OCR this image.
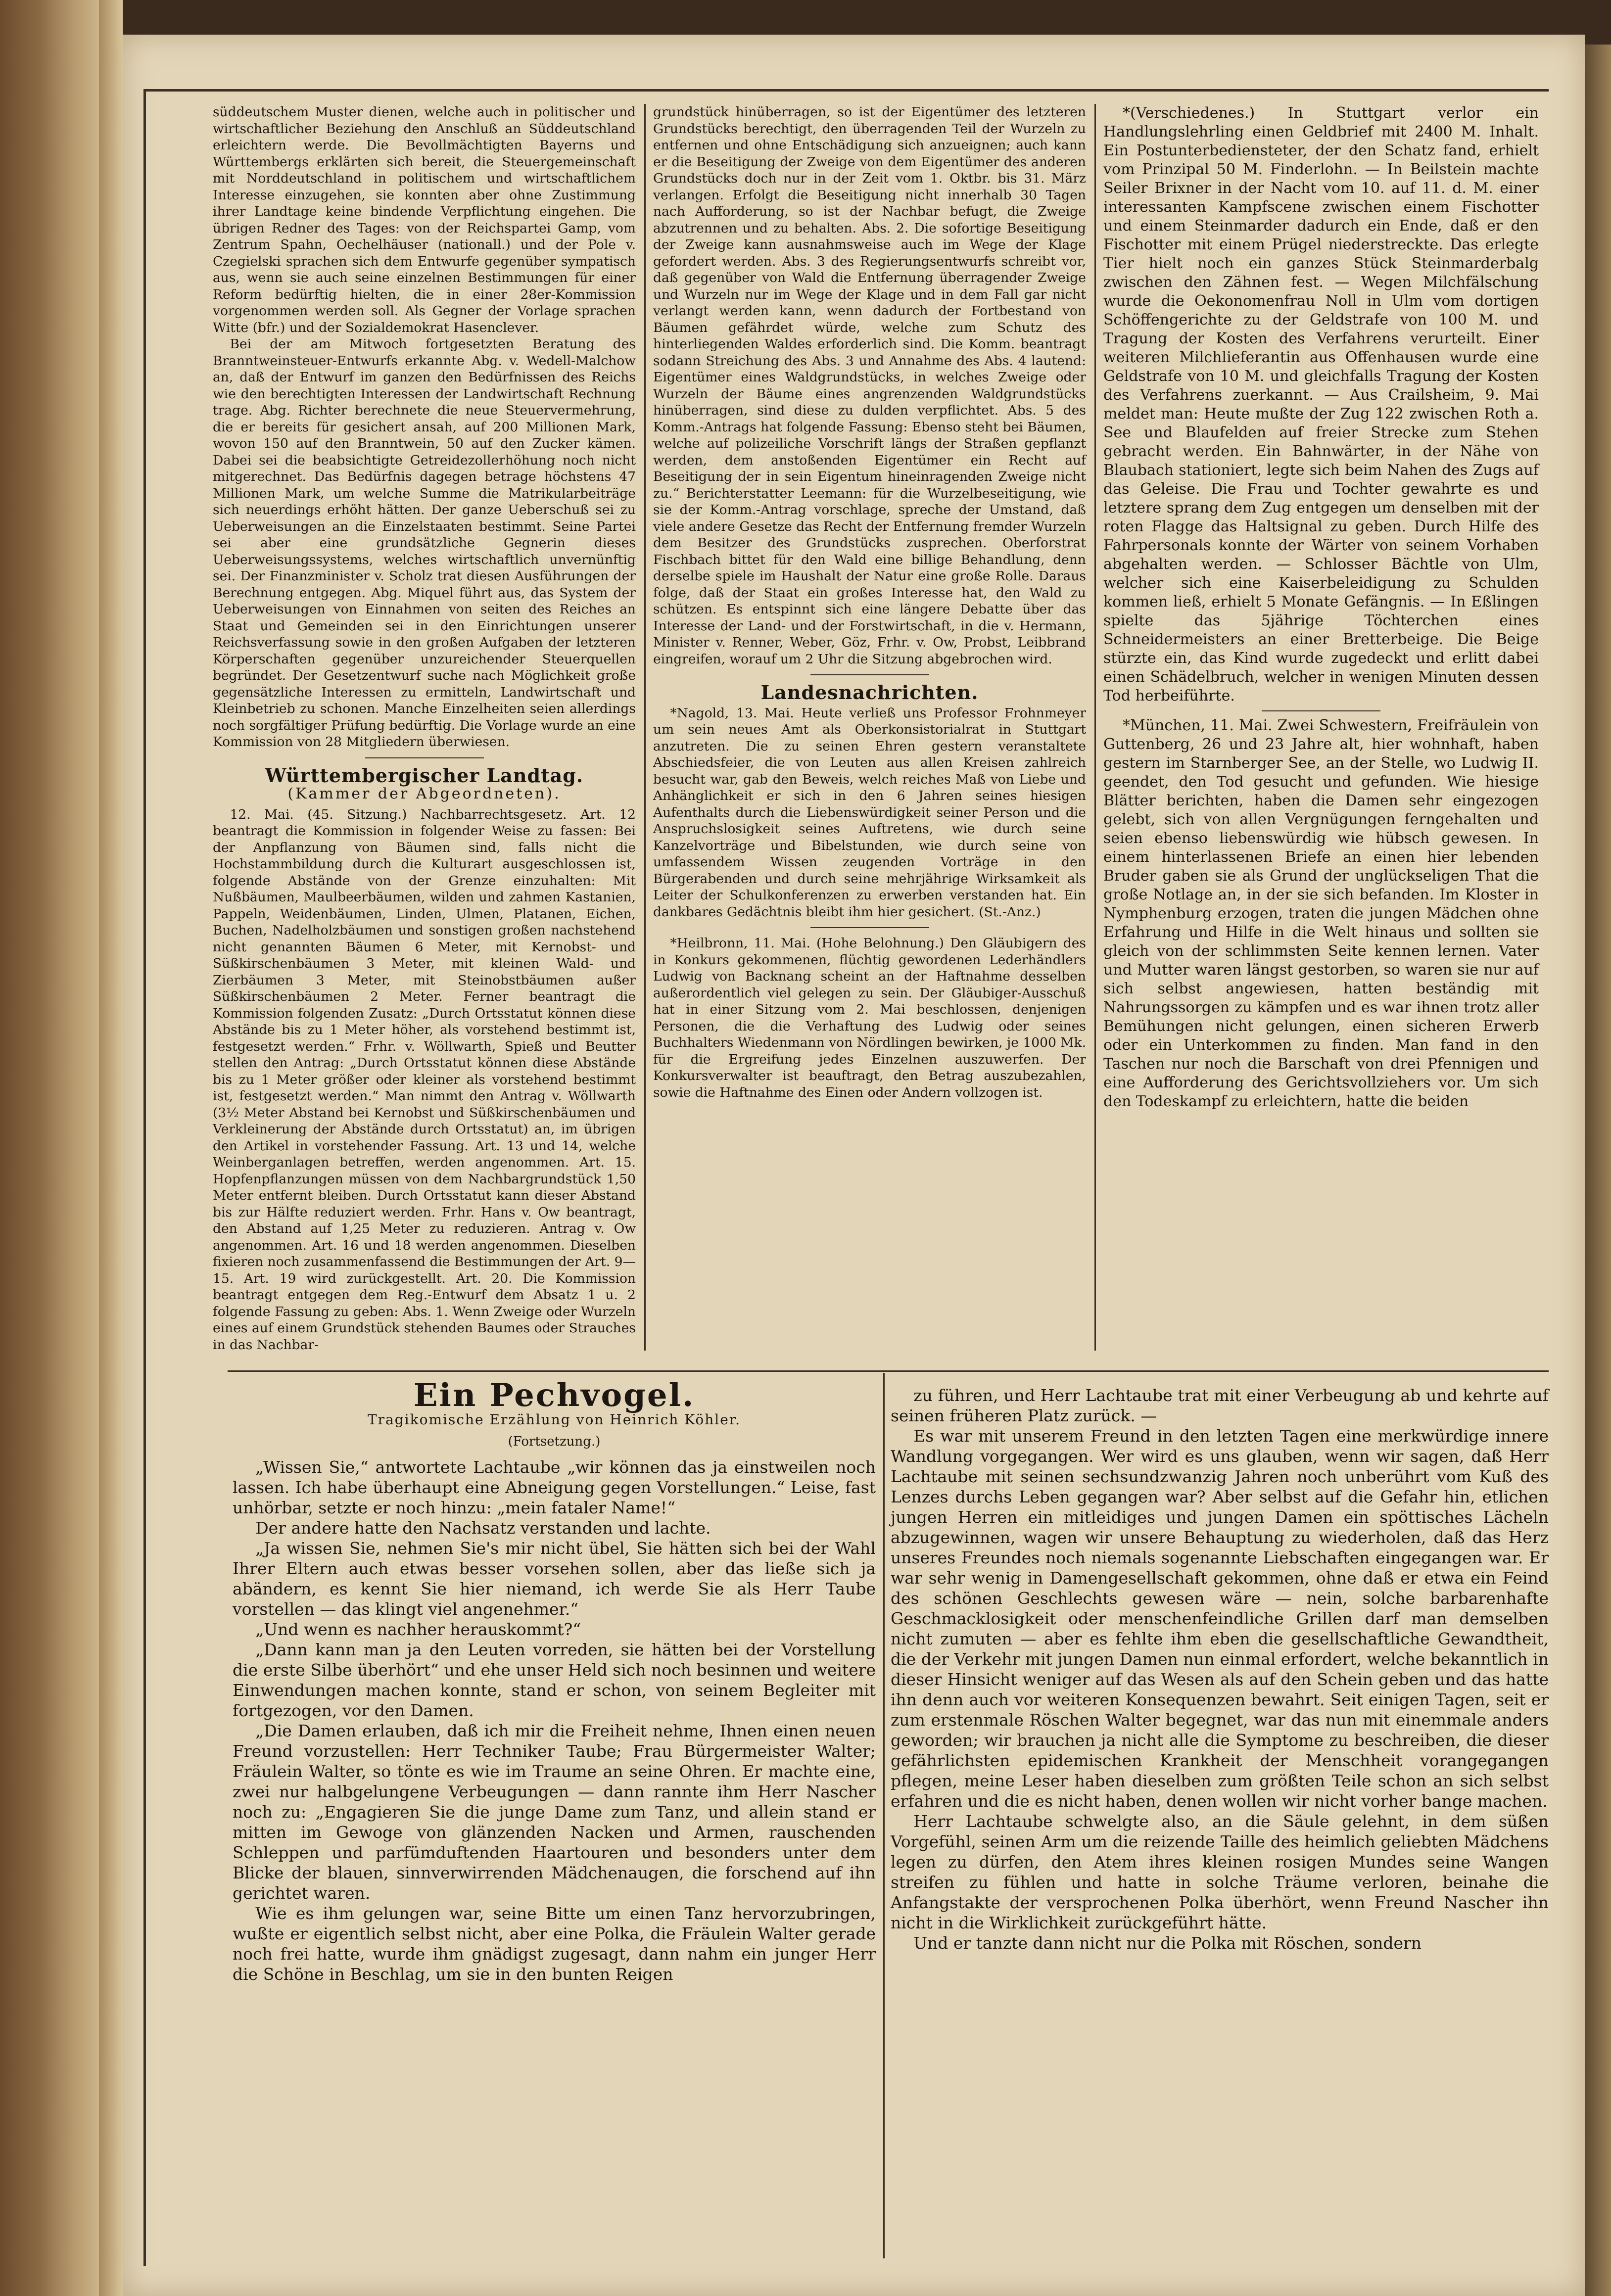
süddeutschem Muster dienen, welche auch in politischer und wirtschaftlicher Beziehung den Anschluß an Süddeutschland erleichtern werde. Die Bevollmächtigten Bayerns und Württembergs erklärten sich bereit, die Steuergemeinschaft mit Norddeutschland in politischem und wirtschaftlichem Interesse einzugehen, sie konnten aber ohne Zustimmung ihrer Landtage keine bindende Verpflichtung eingehen. Die übrigen Redner des Tages: von der Reichspartei Gamp, vom Zentrum Spahn, Oechelhäuser (nationall.) und der Pole v. Czegielski sprachen sich dem Entwurfe gegenüber sympatisch aus, wenn sie auch seine einzelnen Bestimmungen für einer Reform bedürftig hielten, die in einer 28er-Kommission vorgenommen werden soll. Als Gegner der Vorlage sprachen Witte (bfr.) und der Sozialdemokrat Hasenclever.

Bei der am Mitwoch fortgesetzten Beratung des Branntweinsteuer-Entwurfs erkannte Abg. v. Wedell-Malchow an, daß der Entwurf im ganzen den Bedürfnissen des Reichs wie den berechtigten Interessen der Landwirtschaft Rechnung trage. Abg. Richter berechnete die neue Steuervermehrung, die er bereits für gesichert ansah, auf 200 Millionen Mark, wovon 150 auf den Branntwein, 50 auf den Zucker kämen. Dabei sei die beabsichtigte Getreidezollerhöhung noch nicht mitgerechnet. Das Bedürfnis dagegen betrage höchstens 47 Millionen Mark, um welche Summe die Matrikularbeiträge sich neuerdings erhöht hätten. Der ganze Ueberschuß sei zu Ueberweisungen an die Einzelstaaten bestimmt. Seine Partei sei aber eine grundsätzliche Gegnerin dieses Ueberweisungssystems, welches wirtschaftlich unvernünftig sei. Der Finanzminister v. Scholz trat diesen Ausführungen der Berechnung entgegen. Abg. Miquel führt aus, das System der Ueberweisungen von Einnahmen von seiten des Reiches an Staat und Gemeinden sei in den Einrichtungen unserer Reichsverfassung sowie in den großen Aufgaben der letzteren Körperschaften gegenüber unzureichender Steuerquellen begründet. Der Gesetzentwurf suche nach Möglichkeit große gegensätzliche Interessen zu ermitteln, Landwirtschaft und Kleinbetrieb zu schonen. Manche Einzelheiten seien allerdings noch sorgfältiger Prüfung bedürftig. Die Vorlage wurde an eine Kommission von 28 Mitgliedern überwiesen.

Württembergischer Landtag.
(Kammer der Abgeordneten).

12. Mai. (45. Sitzung.) Nachbarrechtsgesetz. Art. 12 beantragt die Kommission in folgender Weise zu fassen: Bei der Anpflanzung von Bäumen sind, falls nicht die Hochstammbildung durch die Kulturart ausgeschlossen ist, folgende Abstände von der Grenze einzuhalten: Mit Nußbäumen, Maulbeerbäumen, wilden und zahmen Kastanien, Pappeln, Weidenbäumen, Linden, Ulmen, Platanen, Eichen, Buchen, Nadelholzbäumen und sonstigen großen nachstehend nicht genannten Bäumen 6 Meter, mit Kernobst- und Süßkirschenbäumen 3 Meter, mit kleinen Wald- und Zierbäumen 3 Meter, mit Steinobstbäumen außer Süßkirschenbäumen 2 Meter. Ferner beantragt die Kommission folgenden Zusatz: „Durch Ortsstatut können diese Abstände bis zu 1 Meter höher, als vorstehend bestimmt ist, festgesetzt werden.“ Frhr. v. Wöllwarth, Spieß und Beutter stellen den Antrag: „Durch Ortsstatut können diese Abstände bis zu 1 Meter größer oder kleiner als vorstehend bestimmt ist, festgesetzt werden.“ Man nimmt den Antrag v. Wöllwarth (3½ Meter Abstand bei Kernobst und Süßkirschenbäumen und Verkleinerung der Abstände durch Ortsstatut) an, im übrigen den Artikel in vorstehender Fassung. Art. 13 und 14, welche Weinberganlagen betreffen, werden angenommen. Art. 15. Hopfenpflanzungen müssen von dem Nachbargrundstück 1,50 Meter entfernt bleiben. Durch Ortsstatut kann dieser Abstand bis zur Hälfte reduziert werden. Frhr. Hans v. Ow beantragt, den Abstand auf 1,25 Meter zu reduzieren. Antrag v. Ow angenommen. Art. 16 und 18 werden angenommen. Dieselben fixieren noch zusammenfassend die Bestimmungen der Art. 9—15. Art. 19 wird zurückgestellt. Art. 20. Die Kommission beantragt entgegen dem Reg.-Entwurf dem Absatz 1 u. 2 folgende Fassung zu geben: Abs. 1. Wenn Zweige oder Wurzeln eines auf einem Grundstück stehenden Baumes oder Strauches in das Nachbar-

grundstück hinüberragen, so ist der Eigentümer des letzteren Grundstücks berechtigt, den überragenden Teil der Wurzeln zu entfernen und ohne Entschädigung sich anzueignen; auch kann er die Beseitigung der Zweige von dem Eigentümer des anderen Grundstücks doch nur in der Zeit vom 1. Oktbr. bis 31. März verlangen. Erfolgt die Beseitigung nicht innerhalb 30 Tagen nach Aufforderung, so ist der Nachbar befugt, die Zweige abzutrennen und zu behalten. Abs. 2. Die sofortige Beseitigung der Zweige kann ausnahmsweise auch im Wege der Klage gefordert werden. Abs. 3 des Regierungsentwurfs schreibt vor, daß gegenüber von Wald die Entfernung überragender Zweige und Wurzeln nur im Wege der Klage und in dem Fall gar nicht verlangt werden kann, wenn dadurch der Fortbestand von Bäumen gefährdet würde, welche zum Schutz des hinterliegenden Waldes erforderlich sind. Die Komm. beantragt sodann Streichung des Abs. 3 und Annahme des Abs. 4 lautend: Eigentümer eines Waldgrundstücks, in welches Zweige oder Wurzeln der Bäume eines angrenzenden Waldgrundstücks hinüberragen, sind diese zu dulden verpflichtet. Abs. 5 des Komm.-Antrags hat folgende Fassung: Ebenso steht bei Bäumen, welche auf polizeiliche Vorschrift längs der Straßen gepflanzt werden, dem anstoßenden Eigentümer ein Recht auf Beseitigung der in sein Eigentum hineinragenden Zweige nicht zu.“ Berichterstatter Leemann: für die Wurzelbeseitigung, wie sie der Komm.-Antrag vorschlage, spreche der Umstand, daß viele andere Gesetze das Recht der Entfernung fremder Wurzeln dem Besitzer des Grundstücks zusprechen. Oberforstrat Fischbach bittet für den Wald eine billige Behandlung, denn derselbe spiele im Haushalt der Natur eine große Rolle. Daraus folge, daß der Staat ein großes Interesse hat, den Wald zu schützen. Es entspinnt sich eine längere Debatte über das Interesse der Land- und der Forstwirtschaft, in die v. Hermann, Minister v. Renner, Weber, Göz, Frhr. v. Ow, Probst, Leibbrand eingreifen, worauf um 2 Uhr die Sitzung abgebrochen wird.

Landesnachrichten.

*Nagold, 13. Mai. Heute verließ uns Professor Frohnmeyer um sein neues Amt als Oberkonsistorialrat in Stuttgart anzutreten. Die zu seinen Ehren gestern veranstaltete Abschiedsfeier, die von Leuten aus allen Kreisen zahlreich besucht war, gab den Beweis, welch reiches Maß von Liebe und Anhänglichkeit er sich in den 6 Jahren seines hiesigen Aufenthalts durch die Liebenswürdigkeit seiner Person und die Anspruchslosigkeit seines Auftretens, wie durch seine Kanzelvorträge und Bibelstunden, wie durch seine von umfassendem Wissen zeugenden Vorträge in den Bürgerabenden und durch seine mehrjährige Wirksamkeit als Leiter der Schulkonferenzen zu erwerben verstanden hat. Ein dankbares Gedächtnis bleibt ihm hier gesichert. (St.-Anz.)

*Heilbronn, 11. Mai. (Hohe Belohnung.) Den Gläubigern des in Konkurs gekommenen, flüchtig gewordenen Lederhändlers Ludwig von Backnang scheint an der Haftnahme desselben außerordentlich viel gelegen zu sein. Der Gläubiger-Ausschuß hat in einer Sitzung vom 2. Mai beschlossen, denjenigen Personen, die die Verhaftung des Ludwig oder seines Buchhalters Wiedenmann von Nördlingen bewirken, je 1000 Mk. für die Ergreifung jedes Einzelnen auszuwerfen. Der Konkursverwalter ist beauftragt, den Betrag auszubezahlen, sowie die Haftnahme des Einen oder Andern vollzogen ist.

*(Verschiedenes.) In Stuttgart verlor ein Handlungslehrling einen Geldbrief mit 2400 M. Inhalt. Ein Postunterbediensteter, der den Schatz fand, erhielt vom Prinzipal 50 M. Finderlohn. — In Beilstein machte Seiler Brixner in der Nacht vom 10. auf 11. d. M. einer interessanten Kampfscene zwischen einem Fischotter und einem Steinmarder dadurch ein Ende, daß er den Fischotter mit einem Prügel niederstreckte. Das erlegte Tier hielt noch ein ganzes Stück Steinmarderbalg zwischen den Zähnen fest. — Wegen Milchfälschung wurde die Oekonomenfrau Noll in Ulm vom dortigen Schöffengerichte zu der Geldstrafe von 100 M. und Tragung der Kosten des Verfahrens verurteilt. Einer weiteren Milchlieferantin aus Offenhausen wurde eine Geldstrafe von 10 M. und gleichfalls Tragung der Kosten des Verfahrens zuerkannt. — Aus Crailsheim, 9. Mai meldet man: Heute mußte der Zug 122 zwischen Roth a. See und Blaufelden auf freier Strecke zum Stehen gebracht werden. Ein Bahnwärter, in der Nähe von Blaubach stationiert, legte sich beim Nahen des Zugs auf das Geleise. Die Frau und Tochter gewahrte es und letztere sprang dem Zug entgegen um denselben mit der roten Flagge das Haltsignal zu geben. Durch Hilfe des Fahrpersonals konnte der Wärter von seinem Vorhaben abgehalten werden. — Schlosser Bächtle von Ulm, welcher sich eine Kaiserbeleidigung zu Schulden kommen ließ, erhielt 5 Monate Gefängnis. — In Eßlingen spielte das 5jährige Töchterchen eines Schneidermeisters an einer Bretterbeige. Die Beige stürzte ein, das Kind wurde zugedeckt und erlitt dabei einen Schädelbruch, welcher in wenigen Minuten dessen Tod herbeiführte.

*München, 11. Mai. Zwei Schwestern, Freifräulein von Guttenberg, 26 und 23 Jahre alt, hier wohnhaft, haben gestern im Starnberger See, an der Stelle, wo Ludwig II. geendet, den Tod gesucht und gefunden. Wie hiesige Blätter berichten, haben die Damen sehr eingezogen gelebt, sich von allen Vergnügungen ferngehalten und seien ebenso liebenswürdig wie hübsch gewesen. In einem hinterlassenen Briefe an einen hier lebenden Bruder gaben sie als Grund der unglückseligen That die große Notlage an, in der sie sich befanden. Im Kloster in Nymphenburg erzogen, traten die jungen Mädchen ohne Erfahrung und Hilfe in die Welt hinaus und sollten sie gleich von der schlimmsten Seite kennen lernen. Vater und Mutter waren längst gestorben, so waren sie nur auf sich selbst angewiesen, hatten beständig mit Nahrungssorgen zu kämpfen und es war ihnen trotz aller Bemühungen nicht gelungen, einen sicheren Erwerb oder ein Unterkommen zu finden. Man fand in den Taschen nur noch die Barschaft von drei Pfennigen und eine Aufforderung des Gerichtsvollziehers vor. Um sich den Todeskampf zu erleichtern, hatte die beiden

Ein Pechvogel.
Tragikomische Erzählung von Heinrich Köhler.
(Fortsetzung.)

„Wissen Sie,“ antwortete Lachtaube „wir können das ja einstweilen noch lassen. Ich habe überhaupt eine Abneigung gegen Vorstellungen.“ Leise, fast unhörbar, setzte er noch hinzu: „mein fataler Name!“

Der andere hatte den Nachsatz verstanden und lachte.

„Ja wissen Sie, nehmen Sie's mir nicht übel, Sie hätten sich bei der Wahl Ihrer Eltern auch etwas besser vorsehen sollen, aber das ließe sich ja abändern, es kennt Sie hier niemand, ich werde Sie als Herr Taube vorstellen — das klingt viel angenehmer.“

„Und wenn es nachher herauskommt?“

„Dann kann man ja den Leuten vorreden, sie hätten bei der Vorstellung die erste Silbe überhört“ und ehe unser Held sich noch besinnen und weitere Einwendungen machen konnte, stand er schon, von seinem Begleiter mit fortgezogen, vor den Damen.

„Die Damen erlauben, daß ich mir die Freiheit nehme, Ihnen einen neuen Freund vorzustellen: Herr Techniker Taube; Frau Bürgermeister Walter; Fräulein Walter, so tönte es wie im Traume an seine Ohren. Er machte eine, zwei nur halbgelungene Verbeugungen — dann rannte ihm Herr Nascher noch zu: „Engagieren Sie die junge Dame zum Tanz, und allein stand er mitten im Gewoge von glänzenden Nacken und Armen, rauschenden Schleppen und parfümduftenden Haartouren und besonders unter dem Blicke der blauen, sinnverwirrenden Mädchenaugen, die forschend auf ihn gerichtet waren.

Wie es ihm gelungen war, seine Bitte um einen Tanz hervorzubringen, wußte er eigentlich selbst nicht, aber eine Polka, die Fräulein Walter gerade noch frei hatte, wurde ihm gnädigst zugesagt, dann nahm ein junger Herr die Schöne in Beschlag, um sie in den bunten Reigen

zu führen, und Herr Lachtaube trat mit einer Verbeugung ab und kehrte auf seinen früheren Platz zurück. —

Es war mit unserem Freund in den letzten Tagen eine merkwürdige innere Wandlung vorgegangen. Wer wird es uns glauben, wenn wir sagen, daß Herr Lachtaube mit seinen sechsundzwanzig Jahren noch unberührt vom Kuß des Lenzes durchs Leben gegangen war? Aber selbst auf die Gefahr hin, etlichen jungen Herren ein mitleidiges und jungen Damen ein spöttisches Lächeln abzugewinnen, wagen wir unsere Behauptung zu wiederholen, daß das Herz unseres Freundes noch niemals sogenannte Liebschaften eingegangen war. Er war sehr wenig in Damengesellschaft gekommen, ohne daß er etwa ein Feind des schönen Geschlechts gewesen wäre — nein, solche barbarenhafte Geschmacklosigkeit oder menschenfeindliche Grillen darf man demselben nicht zumuten — aber es fehlte ihm eben die gesellschaftliche Gewandtheit, die der Verkehr mit jungen Damen nun einmal erfordert, welche bekanntlich in dieser Hinsicht weniger auf das Wesen als auf den Schein geben und das hatte ihn denn auch vor weiteren Konsequenzen bewahrt. Seit einigen Tagen, seit er zum erstenmale Röschen Walter begegnet, war das nun mit einemmale anders geworden; wir brauchen ja nicht alle die Symptome zu beschreiben, die dieser gefährlichsten epidemischen Krankheit der Menschheit vorangegangen pflegen, meine Leser haben dieselben zum größten Teile schon an sich selbst erfahren und die es nicht haben, denen wollen wir nicht vorher bange machen.

Herr Lachtaube schwelgte also, an die Säule gelehnt, in dem süßen Vorgefühl, seinen Arm um die reizende Taille des heimlich geliebten Mädchens legen zu dürfen, den Atem ihres kleinen rosigen Mundes seine Wangen streifen zu fühlen und hatte in solche Träume verloren, beinahe die Anfangstakte der versprochenen Polka überhört, wenn Freund Nascher ihn nicht in die Wirklichkeit zurückgeführt hätte.

Und er tanzte dann nicht nur die Polka mit Röschen, sondern
